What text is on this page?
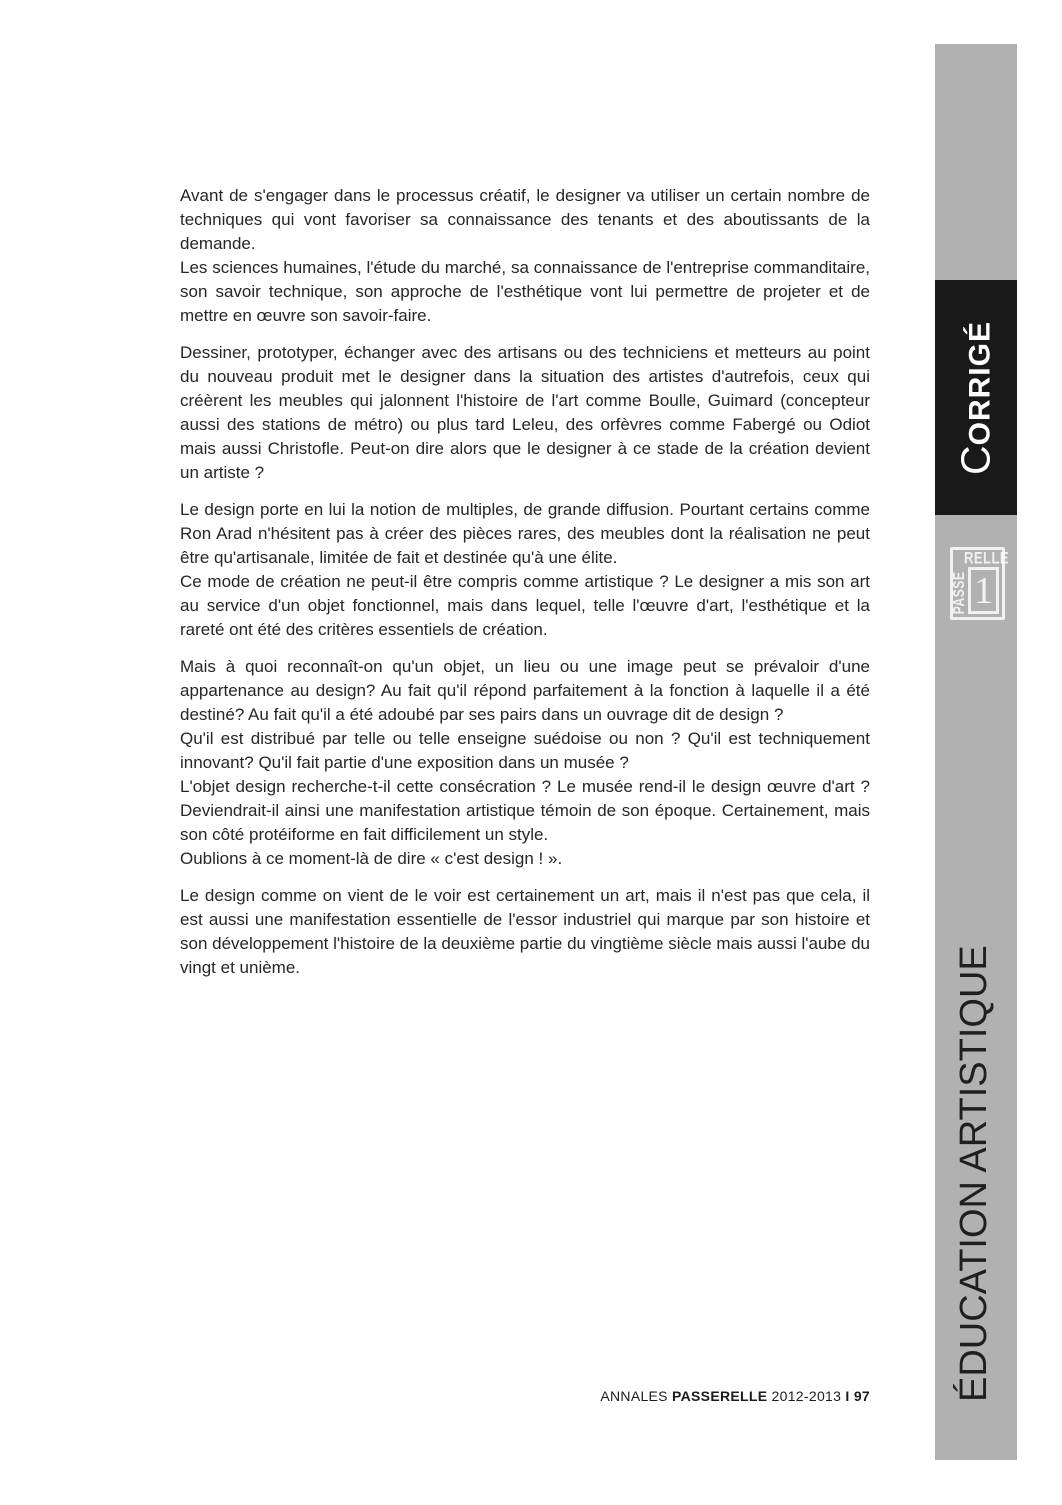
Avant de s'engager dans le processus créatif, le designer va utiliser un certain nombre de techniques qui vont favoriser sa connaissance des tenants et des aboutissants de la demande.

Les sciences humaines, l'étude du marché, sa connaissance de l'entreprise commanditaire, son savoir technique, son approche de l'esthétique vont lui permettre de projeter et de mettre en œuvre son savoir-faire.

Dessiner, prototyper, échanger avec des artisans ou des techniciens et metteurs au point du nouveau produit met le designer dans la situation des artistes d'autrefois, ceux qui créèrent les meubles qui jalonnent l'histoire de l'art comme Boulle, Guimard (concepteur aussi des stations de métro) ou plus tard Leleu, des orfèvres comme Fabergé ou Odiot mais aussi Christofle. Peut-on dire alors que le designer à ce stade de la création devient un artiste ?

Le design porte en lui la notion de multiples, de grande diffusion. Pourtant certains comme Ron Arad n'hésitent pas à créer des pièces rares, des meubles dont la réalisation ne peut être qu'artisanale, limitée de fait et destinée qu'à une élite.

Ce mode de création ne peut-il être compris comme artistique ? Le designer a mis son art au service d'un objet fonctionnel, mais dans lequel, telle l'œuvre d'art, l'esthétique et la rareté ont été des critères essentiels de création.

Mais à quoi reconnaît-on qu'un objet, un lieu ou une image peut se prévaloir d'une appartenance au design? Au fait qu'il répond parfaitement à la fonction à laquelle il a été destiné? Au fait qu'il a été adoubé par ses pairs dans un ouvrage dit de design ?

Qu'il est distribué par telle ou telle enseigne suédoise ou non ? Qu'il est techniquement innovant? Qu'il fait partie d'une exposition dans un musée ?

L'objet design recherche-t-il cette consécration ? Le musée rend-il le design œuvre d'art ? Deviendrait-il ainsi une manifestation artistique témoin de son époque. Certainement, mais son côté protéiforme en fait difficilement un style.

Oublions à ce moment-là de dire « c'est design ! ».

Le design comme on vient de le voir est certainement un art, mais il n'est pas que cela, il est aussi une manifestation essentielle de l'essor industriel qui marque par son histoire et son développement l'histoire de la deuxième partie du vingtième siècle mais aussi l'aube du vingt et unième.

CORRIGÉ
RELLE
PASSE 1
ÉDUCATION ARTISTIQUE
ANNALES PASSERELLE 2012-2013 I 97
